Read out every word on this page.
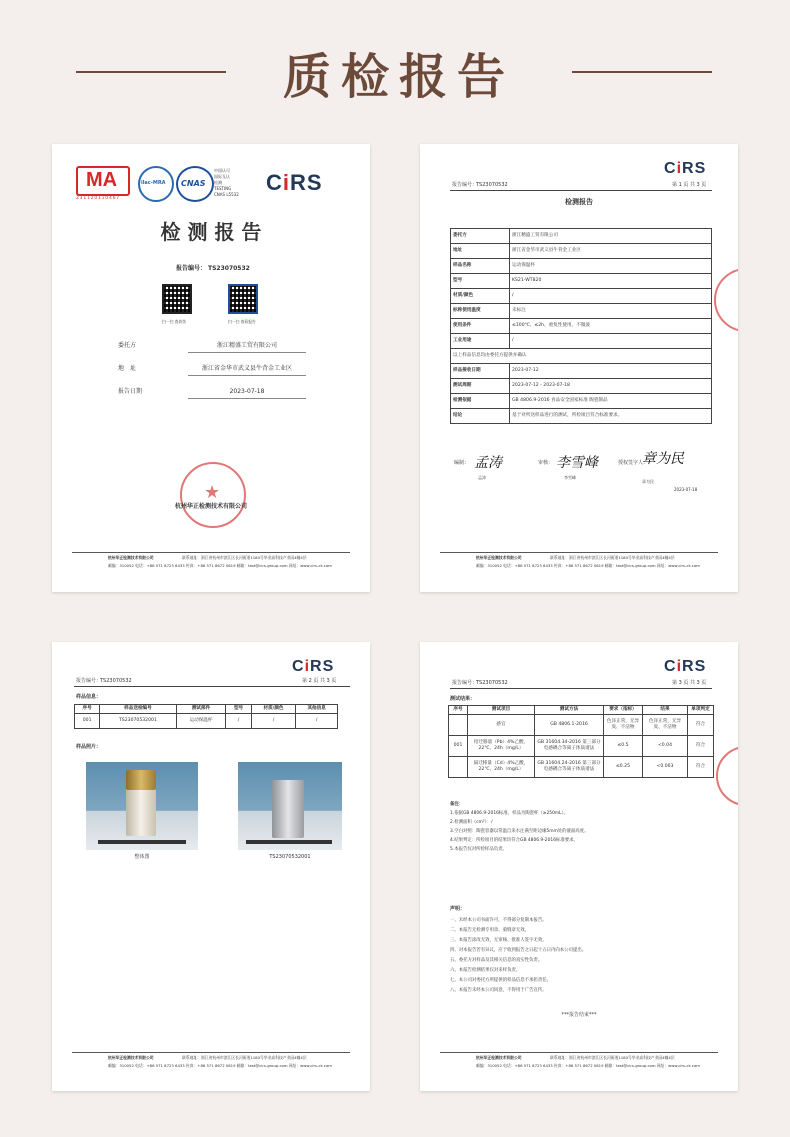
质检报告
MA
231120110467
ilac-MRA CNAS
中国认可
国际互认
检测
TESTING
CNAS L5532 CiRS
检 测 报 告
报告编号： TS23070532
扫一扫 查真伪	扫一扫 查看报告
委托方	浙江精盛工贸有限公司
地　址	浙江省金华市武义县牛背金工业区
报告日期	2023-07-18
★
杭州华正检测技术有限公司
杭州华正检测技术有限公司	联系地址：浙江省杭州市滨江区长河街道1180号华业高科技产业园4幢4层
邮编：310052 电话：+86 571 8723 6433 传真：+86 571 8672 0619 邮箱：test@cirs-group.com 网址：www.cirs-ck.com
CiRS
报告编号：
TS23070532	第 1 页 共 3 页
检测报告
委托方	浙江精盛工贸有限公司
地址	浙江省金华市武义县牛背金工业区
样品名称	运动保温杯
型号	KS21-WT820
材质/颜色	/
标称使用温度	未标注
使用条件	≤100℃、≤2h、重复性使用、不微波
工业用途	/
以上样品信息均由委托方提供并确认	
样品接收日期	2023-07-12
测试周期	2023-07-12 - 2023-07-18
检测依据	GB 4806.9-2016 食品安全国家标准 陶瓷制品
结论	基于对所送样品进行的测试，所检项目符合标准要求。
编制： 孟涛
孟涛
审核： 李雪峰
李雪峰
授权签字人：
章为民
章为民
2023-07-18
杭州华正检测技术有限公司	联系地址：浙江省杭州市滨江区长河街道1180号华业高科技产业园4幢4层
邮编：310052 电话：+86 571 8723 6433 传真：+86 571 8672 0619 邮箱：test@cirs-group.com 网址：www.cirs-ck.com
CiRS
报告编号：
TS23070532	第 2 页 共 3 页
样品信息：
序号	样品送检编号	测试部件	型号	材质/颜色	其他信息
001	TS23070532001	运动保温杯	/	/	/
样品照片：
整体图	TS23070532001
杭州华正检测技术有限公司	联系地址：浙江省杭州市滨江区长河街道1180号华业高科技产业园4幢4层
邮编：310052 电话：+86 571 8723 6433 传真：+86 571 8672 0619 邮箱：test@cirs-group.com 网址：www.cirs-ck.com
CiRS
报告编号：
TS23070532	第 3 页 共 3 页
测试结果：
序号	测试项目	测试方法	要求（指标）	结果	单项判定
	感官	GB 4806.1-2016	色泽正常，无异臭、不洁物	色泽正常，无异臭、不洁物	符合
001	铅迁移量（Pb）4%乙酸，22℃，24h（mg/L）	GB 31604.34-2016 第三部分 电感耦合等离子体质谱法	≤0.5	<0.04	符合
	镉迁移量（Cd）4%乙酸，22℃，24h（mg/L）	GB 31604.24-2016 第三部分 电感耦合等离子体质谱法	≤0.25	<0.003	符合
备注：
1.依据GB 4806.9-2016标准，样品为陶瓷杯（≥250mL）。
2.检测面积（cm²）：/
3.空白对照：陶瓷容器以常温自来水注满至距边缘5mm处的液面高度。
4.结果判定：所检项目的结果均符合GB 4806.9-2016标准要求。
5.本报告仅对所检样品负责。
声明：
一、未经本公司书面许可，不得部分复制本报告。
二、本报告无检测专用章、骑缝章无效。
三、本报告涂改无效，无审核、批准人签字无效。
四、对本报告若有异议，应于收到报告之日起十五日内向本公司提出。
五、委托方对样品及其相关信息的真实性负责。
六、本报告检测结果仅对来样负责。
七、本公司对委托方所提供的样品信息不承担责任。
八、本报告未经本公司同意，不得用于广告宣传。
***报告结束***
杭州华正检测技术有限公司	联系地址：浙江省杭州市滨江区长河街道1180号华业高科技产业园4幢4层
邮编：310052 电话：+86 571 8723 6433 传真：+86 571 8672 0619 邮箱：test@cirs-group.com 网址：www.cirs-ck.com
